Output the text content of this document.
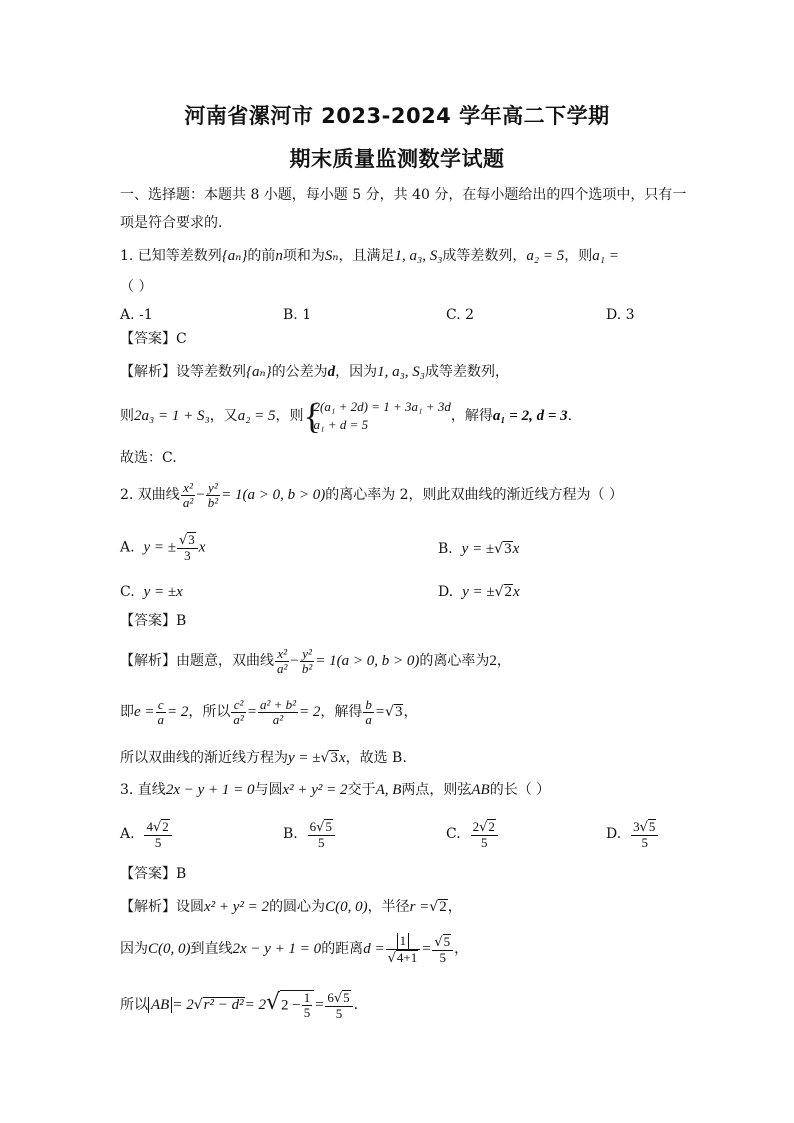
河南省漯河市 2023-2024 学年高二下学期
期末质量监测数学试题
一、选择题：本题共 8 小题，每小题 5 分，共 40 分，在每小题给出的四个选项中，只有一
项是符合要求的.
1. 已知等差数列{aₙ}的前n项和为Sₙ，且满足1, a₃, S₃成等差数列，a₂ = 5，则a₁ =
（ ）
A. -1	B. 1	C. 2	D. 3
【答案】C
【解析】设等差数列{aₙ}的公差为d，因为1, a₃, S₃成等差数列，
则2a₃ = 1 + S₃，又a₂ = 5，则 {
2(a₁ + 2d) = 1 + 3a₁ + 3d
a₁ + d = 5
，解得a₁ = 2, d = 3.
故选：C.
2. 双曲线 $\frac{\text{x²}}{\text{a²}} - \frac{\text{y²}}{\text{b²}} = 1(a > 0$, b > 0)的离心率为 2，则此双曲线的渐近线方程为（ ）
A. y = ± $\frac{√3}{3}$ x	B. y = ±√3x
C. y = ±x	D. y = ±√2x
【答案】B
【解析】由题意，双曲线 $\frac{\text{x²}}{\text{a²}} - \frac{\text{y²}}{\text{b²}} = 1(a > 0$, b > 0)的离心率为2，
即$e = \frac{c}{a} = 2$，所以 $\frac{\text{c²}}{\text{a²}} = \frac{\text{a² + b²}}{\text{a²}} = 2$，解得 $\frac{b}{a} =√3$，
所以双曲线的渐近线方程为y = ±√3x，故选 B.
3. 直线2x − y + 1 = 0与圆x² + y² = 2交于A, B两点，则弦AB的长（ ）
A. $\frac{4√2}{5}$	B. $\frac{6√5}{5}$	C. $\frac{2√2}{5}$	D. $\frac{3√5}{5}$
【答案】B
【解析】设圆x² + y² = 2的圆心为C(0, 0)，半径r =√2，
因为C(0, 0)到直线2x − y + 1 = 0的距离$d = \frac{1}{√4+1} = \frac{√5}{5}$ ，
所以 AB = $2√r^2 - d^2= 2√2 - \frac{1}{5} = \frac{6√5}{5}$ .
